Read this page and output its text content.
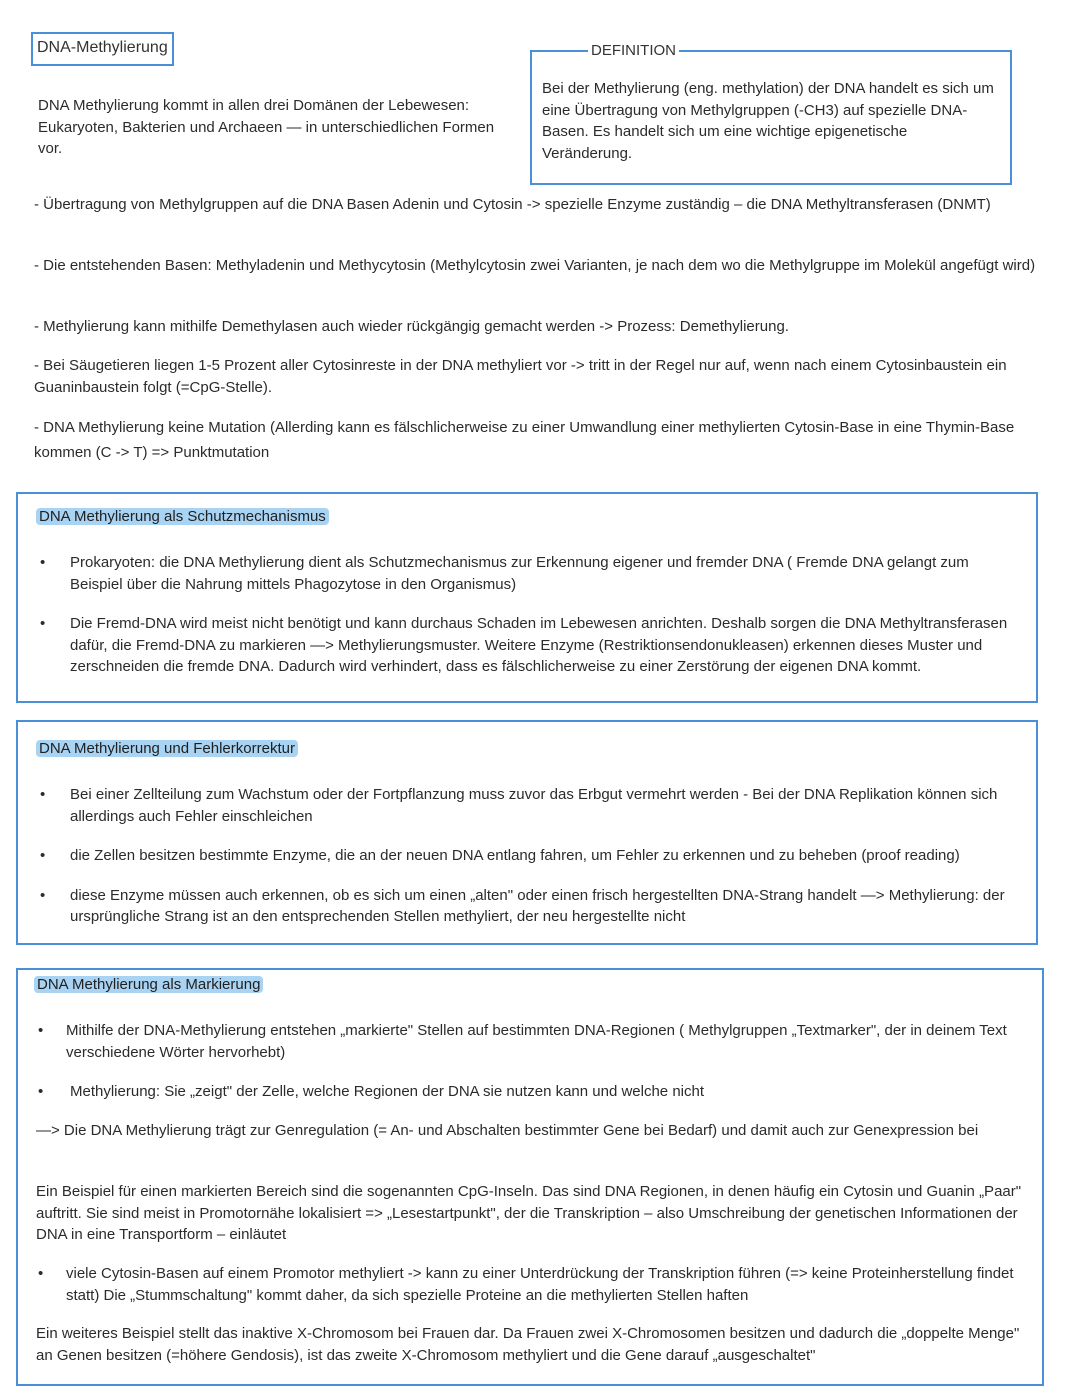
DNA-Methylierung

DNA Methylierung kommt in allen drei Domänen der Lebewesen: Eukaryoten, Bakterien und Archaeen — in unterschiedlichen Formen vor.

DEFINITION

Bei der Methylierung (eng. methylation) der DNA handelt es sich um eine Übertragung von Methylgruppen (-CH3) auf spezielle DNA-Basen. Es handelt sich um eine wichtige epigenetische Veränderung.

- Übertragung von Methylgruppen auf die DNA Basen Adenin und Cytosin -> spezielle Enzyme zuständig – die DNA Methyltransferasen (DNMT)

- Die entstehenden Basen: Methyladenin und Methycytosin (Methylcytosin zwei Varianten, je nach dem wo die Methylgruppe im Molekül angefügt wird)

- Methylierung kann mithilfe Demethylasen auch wieder rückgängig gemacht werden -> Prozess: Demethylierung.

- Bei Säugetieren liegen 1-5 Prozent aller Cytosinreste in der DNA methyliert vor -> tritt in der Regel nur auf, wenn nach einem Cytosinbaustein ein Guaninbaustein folgt (=CpG-Stelle).

- DNA Methylierung keine Mutation (Allerding kann es fälschlicherweise zu einer Umwandlung einer methylierten Cytosin-Base in eine Thymin-Base kommen (C -> T) => Punktmutation

DNA Methylierung als Schutzmechanismus
• Prokaryoten: die DNA Methylierung dient als Schutzmechanismus zur Erkennung eigener und fremder DNA ( Fremde DNA gelangt zum Beispiel über die Nahrung mittels Phagozytose in den Organismus)
• Die Fremd-DNA wird meist nicht benötigt und kann durchaus Schaden im Lebewesen anrichten. Deshalb sorgen die DNA Methyltransferasen dafür, die Fremd-DNA zu markieren —> Methylierungsmuster. Weitere Enzyme (Restriktionsendonukleasen) erkennen dieses Muster und zerschneiden die fremde DNA. Dadurch wird verhindert, dass es fälschlicherweise zu einer Zerstörung der eigenen DNA kommt.
DNA Methylierung und Fehlerkorrektur
• Bei einer Zellteilung zum Wachstum oder der Fortpflanzung muss zuvor das Erbgut vermehrt werden - Bei der DNA Replikation können sich allerdings auch Fehler einschleichen
• die Zellen besitzen bestimmte Enzyme, die an der neuen DNA entlang fahren, um Fehler zu erkennen und zu beheben (proof reading)
• diese Enzyme müssen auch erkennen, ob es sich um einen „alten" oder einen frisch hergestellten DNA-Strang handelt —> Methylierung: der ursprüngliche Strang ist an den entsprechenden Stellen methyliert, der neu hergestellte nicht
DNA Methylierung als Markierung
• Mithilfe der DNA-Methylierung entstehen „markierte" Stellen auf bestimmten DNA-Regionen ( Methylgruppen „Textmarker", der in deinem Text verschiedene Wörter hervorhebt)
• Methylierung: Sie „zeigt" der Zelle, welche Regionen der DNA sie nutzen kann und welche nicht

—> Die DNA Methylierung trägt zur Genregulation (= An- und Abschalten bestimmter Gene bei Bedarf) und damit auch zur Genexpression bei

Ein Beispiel für einen markierten Bereich sind die sogenannten CpG-Inseln. Das sind DNA Regionen, in denen häufig ein Cytosin und Guanin „Paar" auftritt. Sie sind meist in Promotornähe lokalisiert => „Lesestartpunkt", der die Transkription – also Umschreibung der genetischen Informationen der DNA in eine Transportform – einläutet

• viele Cytosin-Basen auf einem Promotor methyliert -> kann zu einer Unterdrückung der Transkription führen (=> keine Proteinherstellung findet statt) Die „Stummschaltung" kommt daher, da sich spezielle Proteine an die methylierten Stellen haften

Ein weiteres Beispiel stellt das inaktive X-Chromosom bei Frauen dar. Da Frauen zwei X-Chromosomen besitzen und dadurch die „doppelte Menge" an Genen besitzen (=höhere Gendosis), ist das zweite X-Chromosom methyliert und die Gene darauf „ausgeschaltet"
